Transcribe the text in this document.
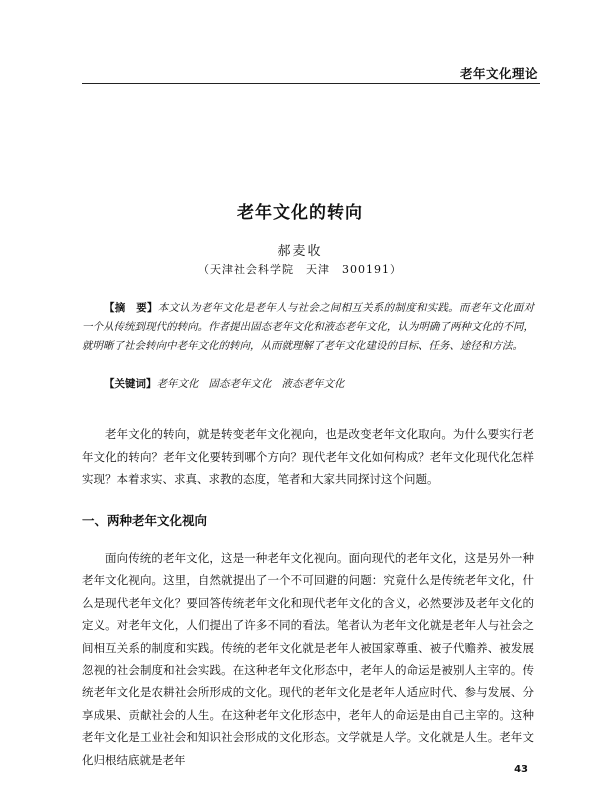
老年文化理论
老年文化的转向
郝麦收
（天津社会科学院　天津　300191）
【摘　要】本文认为老年文化是老年人与社会之间相互关系的制度和实践。而老年文化面对一个从传统到现代的转向。作者提出固态老年文化和液态老年文化，认为明确了两种文化的不同，就明晰了社会转向中老年文化的转向，从而就理解了老年文化建设的目标、任务、途径和方法。
【关键词】老年文化 固态老年文化 液态老年文化
老年文化的转向，就是转变老年文化视向，也是改变老年文化取向。为什么要实行老年文化的转向？老年文化要转到哪个方向？现代老年文化如何构成？老年文化现代化怎样实现？本着求实、求真、求教的态度，笔者和大家共同探讨这个问题。
一、两种老年文化视向
面向传统的老年文化，这是一种老年文化视向。面向现代的老年文化，这是另外一种老年文化视向。这里，自然就提出了一个不可回避的问题：究竟什么是传统老年文化，什么是现代老年文化？要回答传统老年文化和现代老年文化的含义，必然要涉及老年文化的定义。对老年文化，人们提出了许多不同的看法。笔者认为老年文化就是老年人与社会之间相互关系的制度和实践。传统的老年文化就是老年人被国家尊重、被子代赡养、被发展忽视的社会制度和社会实践。在这种老年文化形态中，老年人的命运是被别人主宰的。传统老年文化是农耕社会所形成的文化。现代的老年文化是老年人适应时代、参与发展、分享成果、贡献社会的人生。在这种老年文化形态中，老年人的命运是由自己主宰的。这种老年文化是工业社会和知识社会形成的文化形态。文学就是人学。文化就是人生。老年文化归根结底就是老年
43
